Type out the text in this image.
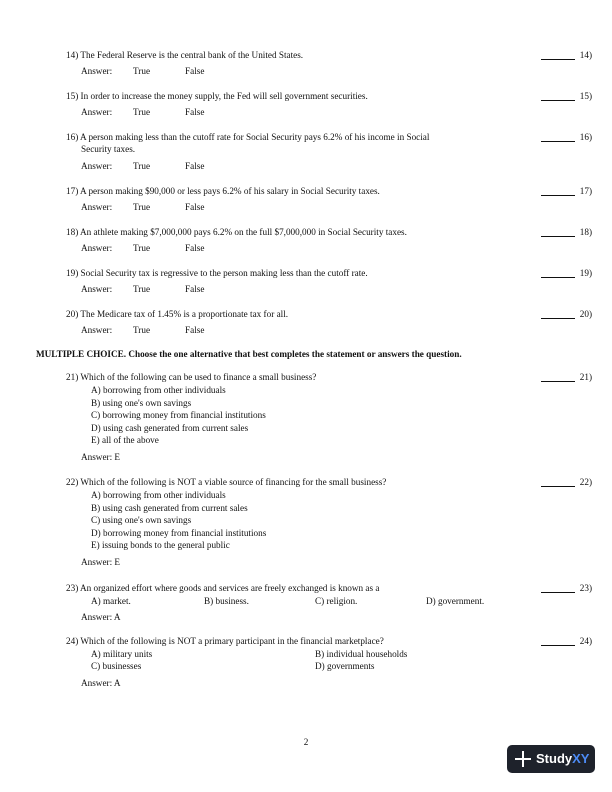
14) The Federal Reserve is the central bank of the United States.	14)
Answer: True	False
15) In order to increase the money supply, the Fed will sell government securities.	15)
Answer: True	False
16) A person making less than the cutoff rate for Social Security pays 6.2% of his income in Social
Security taxes.
16)
Answer: True	False
17) A person making $90,000 or less pays 6.2% of his salary in Social Security taxes.	17)
Answer: True	False
18) An athlete making $7,000,000 pays 6.2% on the full $7,000,000 in Social Security taxes.	18)
Answer: True	False
19) Social Security tax is regressive to the person making less than the cutoff rate.	19)
Answer: True	False
20) The Medicare tax of 1.45% is a proportionate tax for all.	20)
Answer: True	False
MULTIPLE CHOICE. Choose the one alternative that best completes the statement or answers the question.
21) Which of the following can be used to finance a small business?	21)
A) borrowing from other individuals
B) using one's own savings
C) borrowing money from financial institutions
D) using cash generated from current sales
E) all of the above
Answer: E
22) Which of the following is NOT a viable source of financing for the small business?	22)
A) borrowing from other individuals
B) using cash generated from current sales
C) using one's own savings
D) borrowing money from financial institutions
E) issuing bonds to the general public
Answer: E
23) An organized effort where goods and services are freely exchanged is known as a	23)
A) market.	B) business.	C) religion.	D) government.
Answer: A
24) Which of the following is NOT a primary participant in the financial marketplace?	24)
A) military units	B) individual households
C) businesses	D) governments
Answer: A
2
StudyXY
